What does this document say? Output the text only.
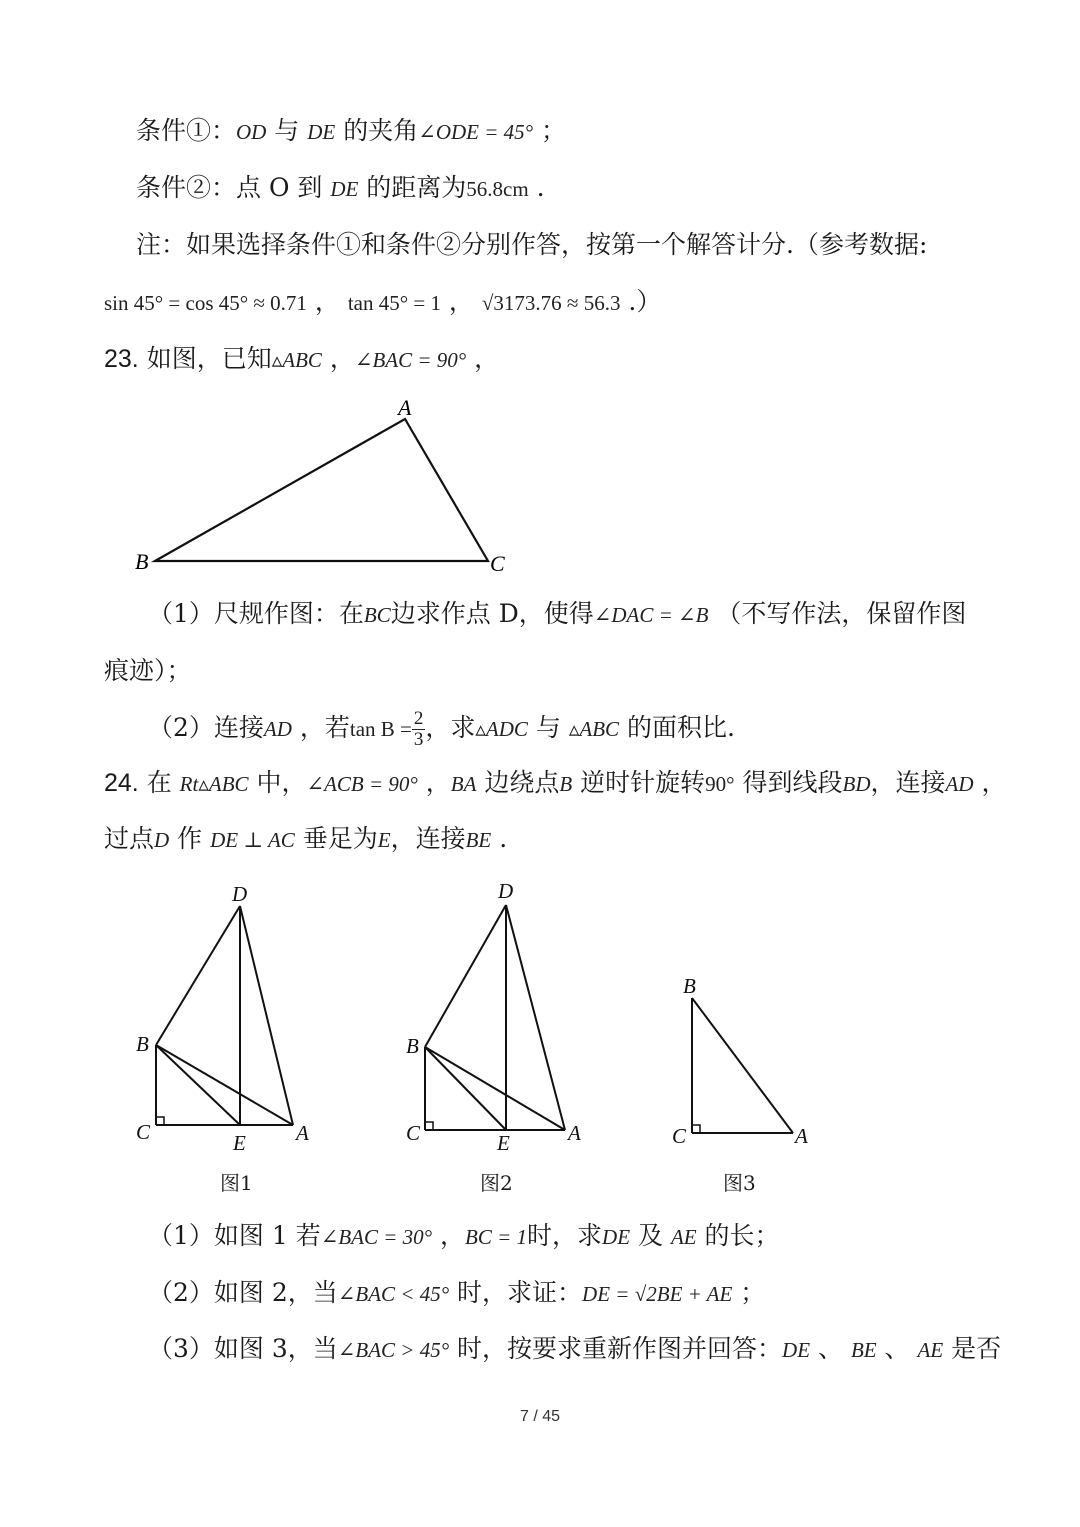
条件①：OD 与 DE 的夹角∠ODE = 45° ；
条件②：点 O 到 DE 的距离为56.8cm .
注：如果选择条件①和条件②分别作答，按第一个解答计分.（参考数据:
sin 45° = cos 45° ≈ 0.71 ， tan 45° = 1 ， √3173.76 ≈ 56.3 .）
23. 如图，已知▵ABC ，∠BAC = 90° ，
A
B	C
（1）尺规作图：在BC边求作点 D，使得∠DAC = ∠B （不写作法，保留作图
痕迹）；
（2）连接AD ，若$\tan B = \frac{2}{3}$ ，求▵ADC 与 ▵ABC 的面积比.
24. 在 Rt▵ABC 中，∠ACB = 90° ，BA 边绕点B 逆时针旋转90° 得到线段BD，连接AD ，
过点D 作 DE ⊥ AC 垂足为E，连接BE .
D
B
C	E A
D
B
C	E	A
B
C	A
图1	图2	图3
（1）如图 1 若∠BAC = 30° ，BC = 1时，求DE 及 AE 的长；
（2）如图 2，当∠BAC < 45° 时，求证：DE = √2BE + AE ；
（3）如图 3，当∠BAC > 45° 时，按要求重新作图并回答：DE 、 BE 、 AE 是否
7 / 45
